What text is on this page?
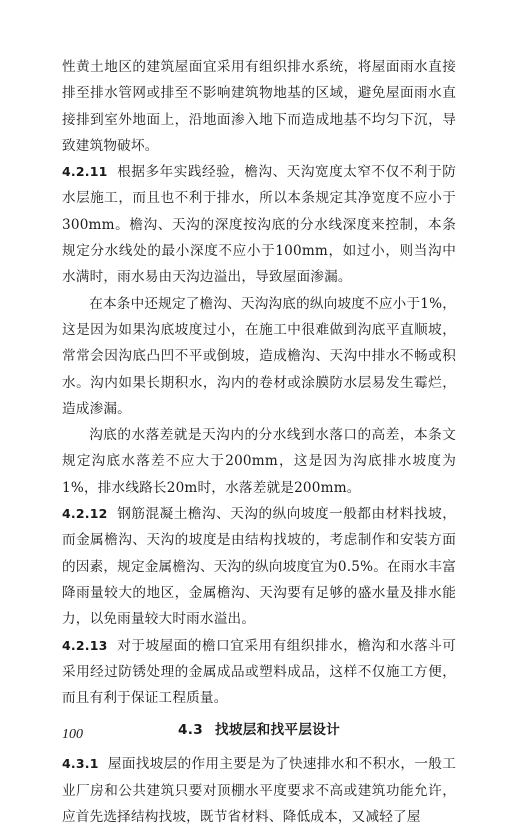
性黄土地区的建筑屋面宜采用有组织排水系统，将屋面雨水直接排至排水管网或排至不影响建筑物地基的区域，避免屋面雨水直接排到室外地面上，沿地面渗入地下而造成地基不均匀下沉，导致建筑物破坏。

4.2.11 根据多年实践经验，檐沟、天沟宽度太窄不仅不利于防水层施工，而且也不利于排水，所以本条规定其净宽度不应小于300mm。檐沟、天沟的深度按沟底的分水线深度来控制，本条规定分水线处的最小深度不应小于100mm，如过小，则当沟中水满时，雨水易由天沟边溢出，导致屋面渗漏。

在本条中还规定了檐沟、天沟沟底的纵向坡度不应小于1%，这是因为如果沟底坡度过小，在施工中很难做到沟底平直顺坡，常常会因沟底凸凹不平或倒坡，造成檐沟、天沟中排水不畅或积水。沟内如果长期积水，沟内的卷材或涂膜防水层易发生霉烂，造成渗漏。

沟底的水落差就是天沟内的分水线到水落口的高差，本条文规定沟底水落差不应大于200mm，这是因为沟底排水坡度为1%，排水线路长20m时，水落差就是200mm。

4.2.12 钢筋混凝土檐沟、天沟的纵向坡度一般都由材料找坡，而金属檐沟、天沟的坡度是由结构找坡的，考虑制作和安装方面的因素，规定金属檐沟、天沟的纵向坡度宜为0.5%。在雨水丰富降雨量较大的地区，金属檐沟、天沟要有足够的盛水量及排水能力，以免雨量较大时雨水溢出。

4.2.13 对于坡屋面的檐口宜采用有组织排水，檐沟和水落斗可采用经过防锈处理的金属成品或塑料成品，这样不仅施工方便，而且有利于保证工程质量。

4.3 找坡层和找平层设计

4.3.1 屋面找坡层的作用主要是为了快速排水和不积水，一般工业厂房和公共建筑只要对顶棚水平度要求不高或建筑功能允许，应首先选择结构找坡，既节省材料、降低成本，又减轻了屋

100
